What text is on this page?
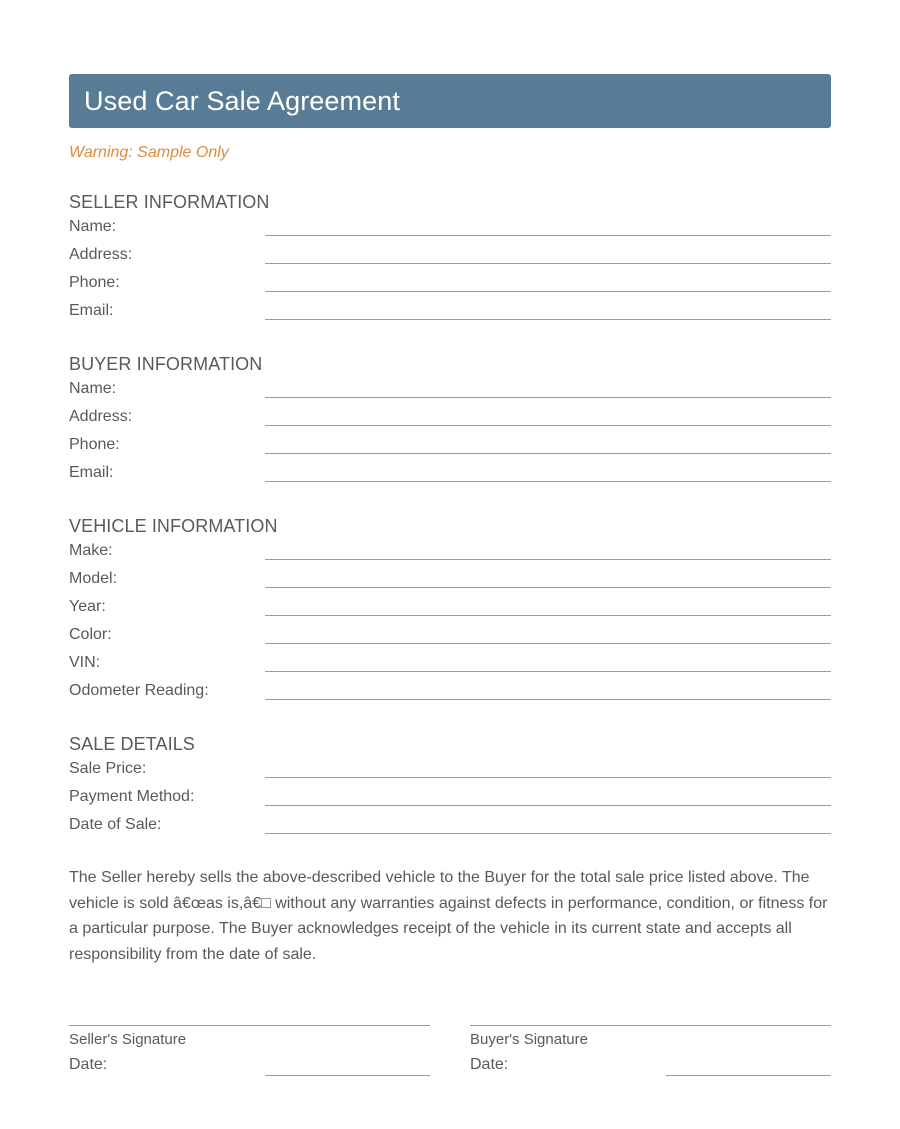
Used Car Sale Agreement
Warning: Sample Only
SELLER INFORMATION
Name:
Address:
Phone:
Email:
BUYER INFORMATION
Name:
Address:
Phone:
Email:
VEHICLE INFORMATION
Make:
Model:
Year:
Color:
VIN:
Odometer Reading:
SALE DETAILS
Sale Price:
Payment Method:
Date of Sale:
The Seller hereby sells the above-described vehicle to the Buyer for the total sale price listed above. The vehicle is sold â€œas is,â€□ without any warranties against defects in performance, condition, or fitness for a particular purpose. The Buyer acknowledges receipt of the vehicle in its current state and accepts all responsibility from the date of sale.
Seller's Signature
Date:
Buyer's Signature
Date:
